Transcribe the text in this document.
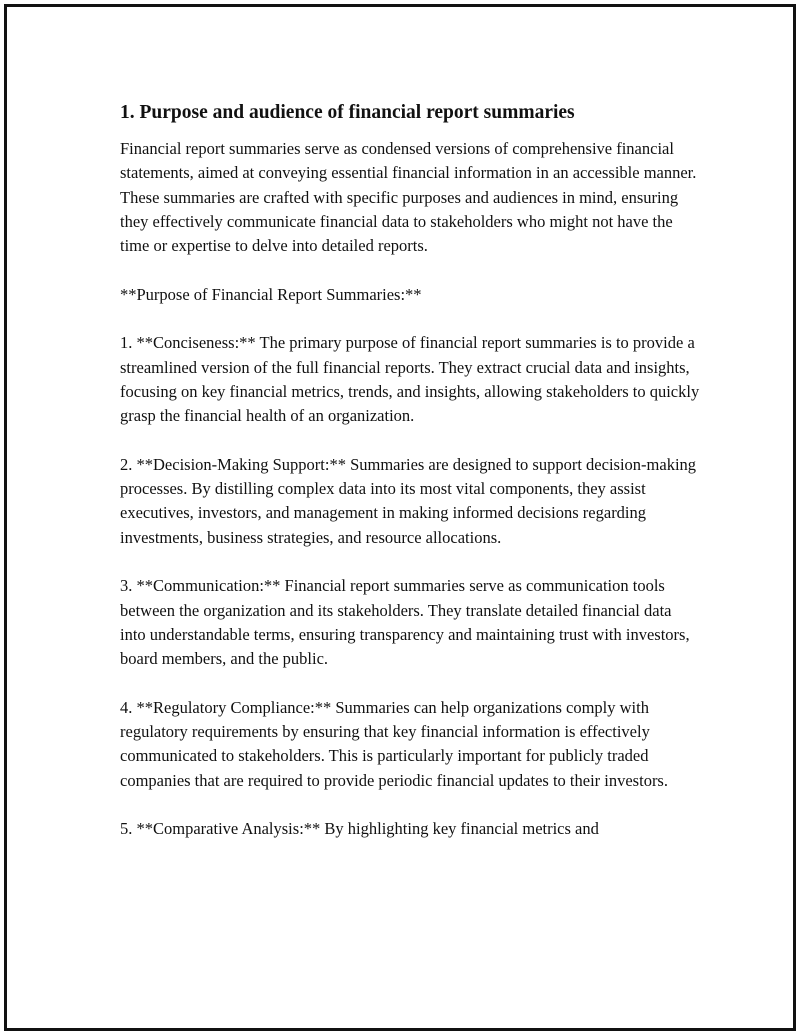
1. Purpose and audience of financial report summaries

Financial report summaries serve as condensed versions of comprehensive financial statements, aimed at conveying essential financial information in an accessible manner. These summaries are crafted with specific purposes and audiences in mind, ensuring they effectively communicate financial data to stakeholders who might not have the time or expertise to delve into detailed reports.

**Purpose of Financial Report Summaries:**

1. **Conciseness:** The primary purpose of financial report summaries is to provide a streamlined version of the full financial reports. They extract crucial data and insights, focusing on key financial metrics, trends, and insights, allowing stakeholders to quickly grasp the financial health of an organization.

2. **Decision-Making Support:** Summaries are designed to support decision-making processes. By distilling complex data into its most vital components, they assist executives, investors, and management in making informed decisions regarding investments, business strategies, and resource allocations.

3. **Communication:** Financial report summaries serve as communication tools between the organization and its stakeholders. They translate detailed financial data into understandable terms, ensuring transparency and maintaining trust with investors, board members, and the public.

4. **Regulatory Compliance:** Summaries can help organizations comply with regulatory requirements by ensuring that key financial information is effectively communicated to stakeholders. This is particularly important for publicly traded companies that are required to provide periodic financial updates to their investors.

5. **Comparative Analysis:** By highlighting key financial metrics and
